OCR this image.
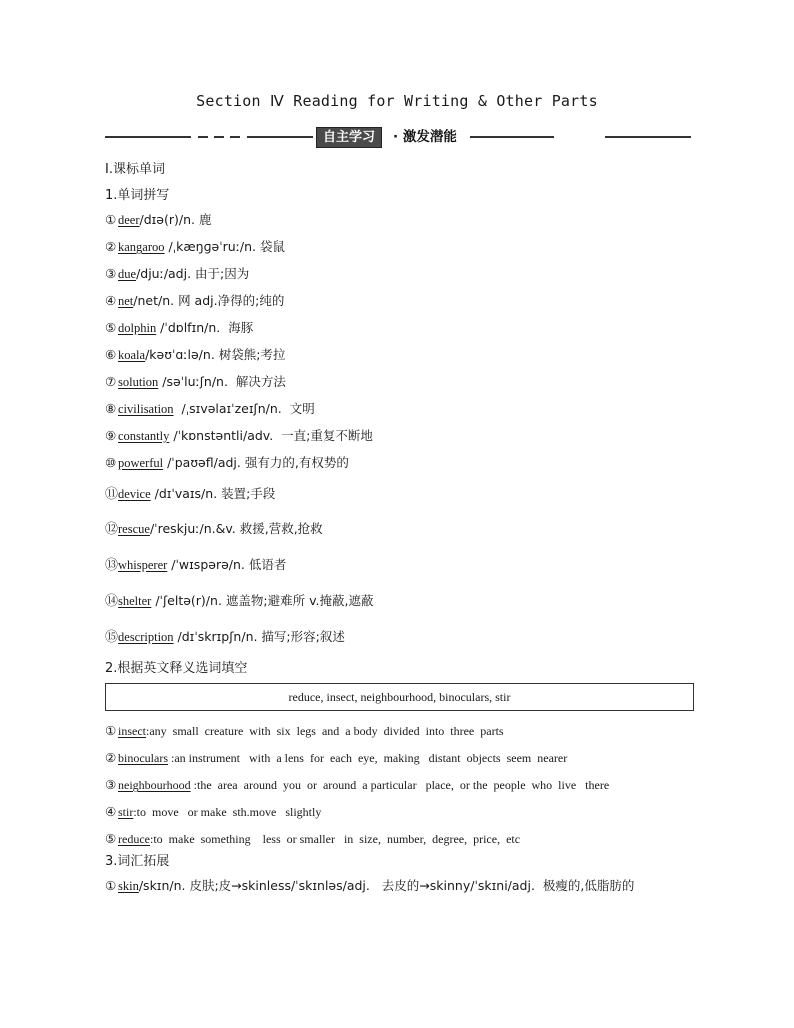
Section Ⅳ Reading for Writing & Other Parts
自主学习	· 激发潜能

Ⅰ.课标单词

1.单词拼写

① deer /dɪə(r)/n. 鹿
② kangaroo /ˌkæŋɡəˈruː/n. 袋鼠
③ due /djuː/adj. 由于;因为
④ net /net/n. 网 adj.净得的;纯的
⑤ dolphin /ˈdɒlfɪn/n.  海豚
⑥ koala /kəʊˈɑːlə/n. 树袋熊;考拉
⑦ solution /səˈluːʃn/n.  解决方法
⑧ civilisation /ˌsɪvəlaɪˈzeɪʃn/n.  文明
⑨ constantly /ˈkɒnstəntli/adv.  一直;重复不断地
⑩ powerful /ˈpaʊəfl/adj. 强有力的,有权势的
⑪ device /dɪˈvaɪs/n. 装置;手段
⑫ rescue /ˈreskjuː/n.&v. 救援,营救,抢救
⑬ whisperer /ˈwɪspərə/n. 低语者
⑭ shelter /ˈʃeltə(r)/n. 遮盖物;避难所 v.掩蔽,遮蔽
⑮ description /dɪˈskrɪpʃn/n. 描写;形容;叙述

2.根据英文释义选词填空

reduce, insect, neighbourhood, binoculars, stir
① insect:any  small  creature  with  six  legs  and  a body  divided  into  three  parts
② binoculars :an instrument   with  a lens  for  each  eye,  making   distant  objects  seem  nearer
③ neighbourhood :the  area  around  you  or  around  a particular   place,  or the  people  who  live   there
④ stir:to  move   or make  sth.move   slightly
⑤ reduce:to  make  something    less  or smaller   in  size,  number,  degree,  price,  etc

3.词汇拓展

① skin /skɪn/n. 皮肤;皮→skinless/ˈskɪnləs/adj.   去皮的→skinny/ˈskɪni/adj.  极瘦的,低脂肪的
